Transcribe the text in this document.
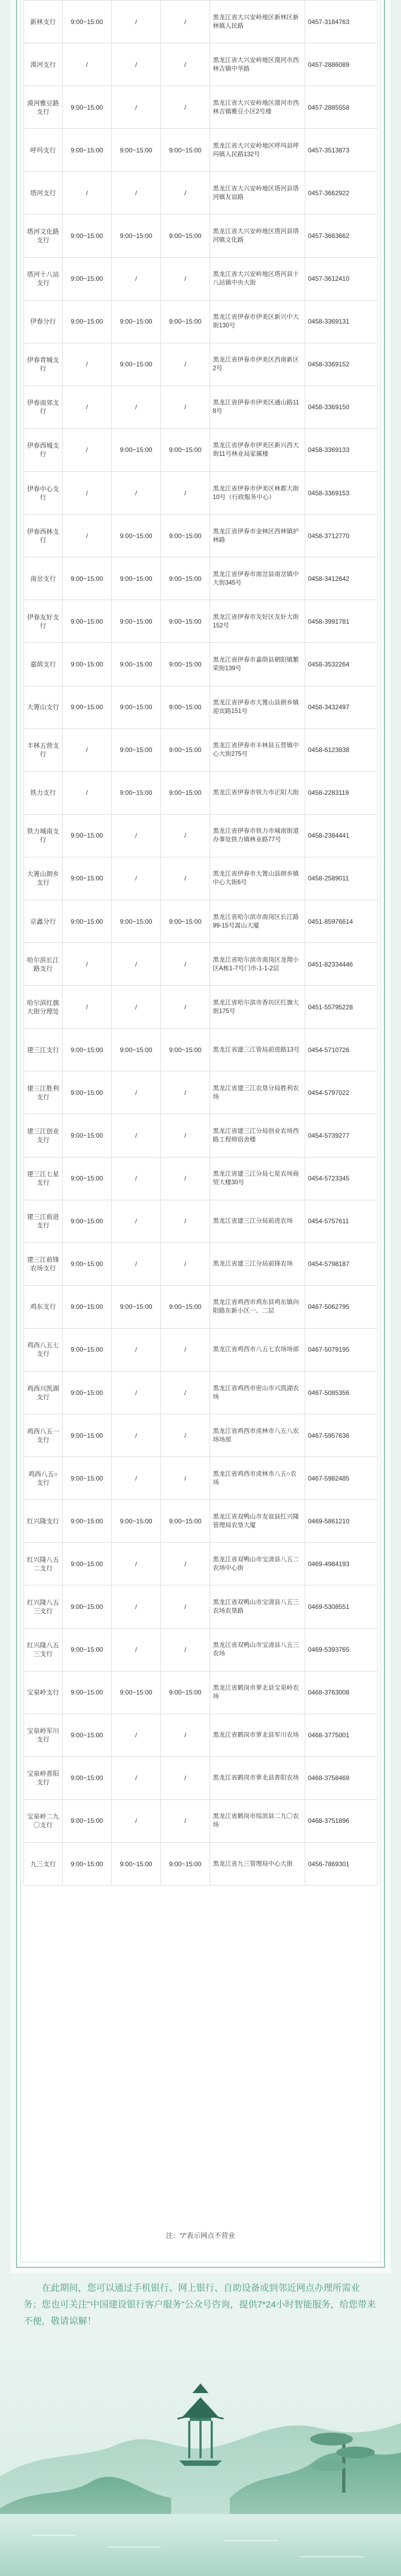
新林支行	9:00~15:00	/	/	黑龙江省大兴安岭地区新林区新林镇人民路	0457-3184763
漠河支行	/	/	/	黑龙江省大兴安岭地区漠河市西林吉镇中华路	0457-2886089
漠河雅豆路支行	9:00~15:00	/	/	黑龙江省大兴安岭地区漠河市西林吉镇雅豆小区2号楼	0457-2885558
呼玛支行	9:00~15:00	9:00~15:00	9:00~15:00	黑龙江省大兴安岭地区呼玛县呼玛镇人民路132号	0457-3513873
塔河支行	/	/	/	黑龙江省大兴安岭地区塔河县塔河镇友谊路	0457-3662922
塔河文化路支行	9:00~15:00	9:00~15:00	9:00~15:00	黑龙江省大兴安岭地区塔河县塔河镇文化路	0457-3663662
塔河十八站支行	9:00~15:00	/	/	黑龙江省大兴安岭地区塔河县十八站镇中央大街	0457-3612410
伊春分行	9:00~15:00	9:00~15:00	9:00~15:00	黑龙江省伊春市伊美区新兴中大街130号	0458-3369131
伊春青城支行	/	9:00~15:00	/	黑龙江省伊春市伊美区西南新区2号	0458-3369152
伊春南郊支行	/	/	/	黑龙江省伊春市伊美区通山路118号	0458-3369150
伊春西城支行	/	9:00~15:00	9:00~15:00	黑龙江省伊春市伊美区新兴西大街11号林业局家属楼	0458-3369133
伊春中心支行	/	/	/	黑龙江省伊春市伊美区林都大街10号（行政服务中心）	0458-3369153
伊春西林支行	/	9:00~15:00	9:00~15:00	黑龙江省伊春市金林区西林镇护林路	0458-3712770
南岔支行	9:00~15:00	9:00~15:00	9:00~15:00	黑龙江省伊春市南岔县南岔镇中大街345号	0458-3412642
伊春友好支行	9:00~15:00	9:00~15:00	9:00~15:00	黑龙江省伊春市友好区友好大街152号	0458-3991781
嘉荫支行	9:00~15:00	9:00~15:00	9:00~15:00	黑龙江省伊春市嘉荫县朝阳镇繁荣街139号	0458-3532264
大箐山支行	9:00~15:00	9:00~15:00	9:00~15:00	黑龙江省伊春市大箐山县朗乡镇迎宾路151号	0458-3432497
丰林五营支行	/	9:00~15:00	9:00~15:00	黑龙江省伊春市丰林县五营镇中心大街275号	0458-6123838
铁力支行	/	9:00~15:00	9:00~15:00	黑龙江省伊春市铁力市正阳大街	0458-2283119
铁力城南支行	9:00~15:00	/	/	黑龙江省伊春市铁力市城南街道办事处铁力镇林业路77号	0458-2384441
大箐山朗乡支行	9:00~15:00	/	/	黑龙江省伊春市大箐山县朗乡镇中心大街6号	0458-2589011
京鑫分行	9:00~15:00	9:00~15:00	9:00~15:00	黑龙江省哈尔滨市南岗区长江路99-15号嵩山大厦	0451-85976614
哈尔滨长江路支行	/	/	/	黑龙江省哈尔滨市南岗区龙翔小区A栋1-7号门市-1-1-2层	0451-82334446
哈尔滨红旗大街分理处	/	/	/	黑龙江省哈尔滨市香坊区红旗大街175号	0451-55795228
建三江支行	9:00~15:00	9:00~15:00	9:00~15:00	黑龙江省建三江管局前进路13号	0454-5710726
建三江胜利支行	9:00~15:00	/	/	黑龙江省建三江农垦分局胜利农场	0454-5797022
建三江创业支行	9:00~15:00	/	/	黑龙江省建三江分局创业农场西路工程师宿舍楼	0454-5739277
建三江七星支行	9:00~15:00	/	/	黑龙江省建三江分局七星农场商贸大楼30号	0454-5723345
建三江前进支行	9:00~15:00	/	/	黑龙江省建三江分局前进农场	0454-5757611
建三江前锋农场支行	9:00~15:00	/	/	黑龙江省建三江分局前锋农场	0454-5798187
鸡东支行	9:00~15:00	9:00~15:00	9:00~15:00	黑龙江省鸡西市鸡东县鸡东镇向阳路东新小区一、二层	0467-5062795
鸡西八五七支行	9:00~15:00	/	/	黑龙江省鸡西市八五七农场场部	0467-5079195
鸡西兴凯湖支行	9:00~15:00	/	/	黑龙江省鸡西市密山市兴凯湖农场	0467-5085356
鸡西八五一支行	9:00~15:00	/	/	黑龙江省鸡西市虎林市八五八农场场部	0467-5957636
鸡西八五○支行	9:00~15:00	/	/	黑龙江省鸡西市虎林市八五○农场	0467-5982485
红兴隆支行	9:00~15:00	9:00~15:00	9:00~15:00	黑龙江省双鸭山市友谊县红兴隆管理局农垦大厦	0469-5861210
红兴隆八五二支行	9:00~15:00	/	/	黑龙江省双鸭山市宝清县八五二农场中心街	0469-4984193
红兴隆八五三支行	9:00~15:00	/	/	黑龙江省双鸭山市宝清县八五三农场农垦路	0469-5308551
红兴隆八五三支行	9:00~15:00	/	/	黑龙江省双鸭山市宝清县八五三农场	0469-5393765
宝泉岭支行	9:00~15:00	9:00~15:00	9:00~15:00	黑龙江省鹤岗市萝北县宝泉岭农场	0468-3763008
宝泉岭军川支行	9:00~15:00	/	/	黑龙江省鹤岗市萝北县军川农场	0468-3775001
宝泉岭普阳支行	9:00~15:00	/	/	黑龙江省鹤岗市萝北县普阳农场	0468-3758469
宝泉岭二九〇支行	9:00~15:00	/	/	黑龙江省鹤岗市绥滨县二九〇农场	0468-3751896
九三支行	9:00~15:00	9:00~15:00	9:00~15:00	黑龙江省九三管理局中心大街	0456-7869301
注："/"表示网点不营业

在此期间，您可以通过手机银行、网上银行、自助设备或到邻近网点办理所需业务；您也可关注"中国建设银行客户服务"公众号咨询，提供7*24小时智能服务，给您带来不便，敬请谅解！
